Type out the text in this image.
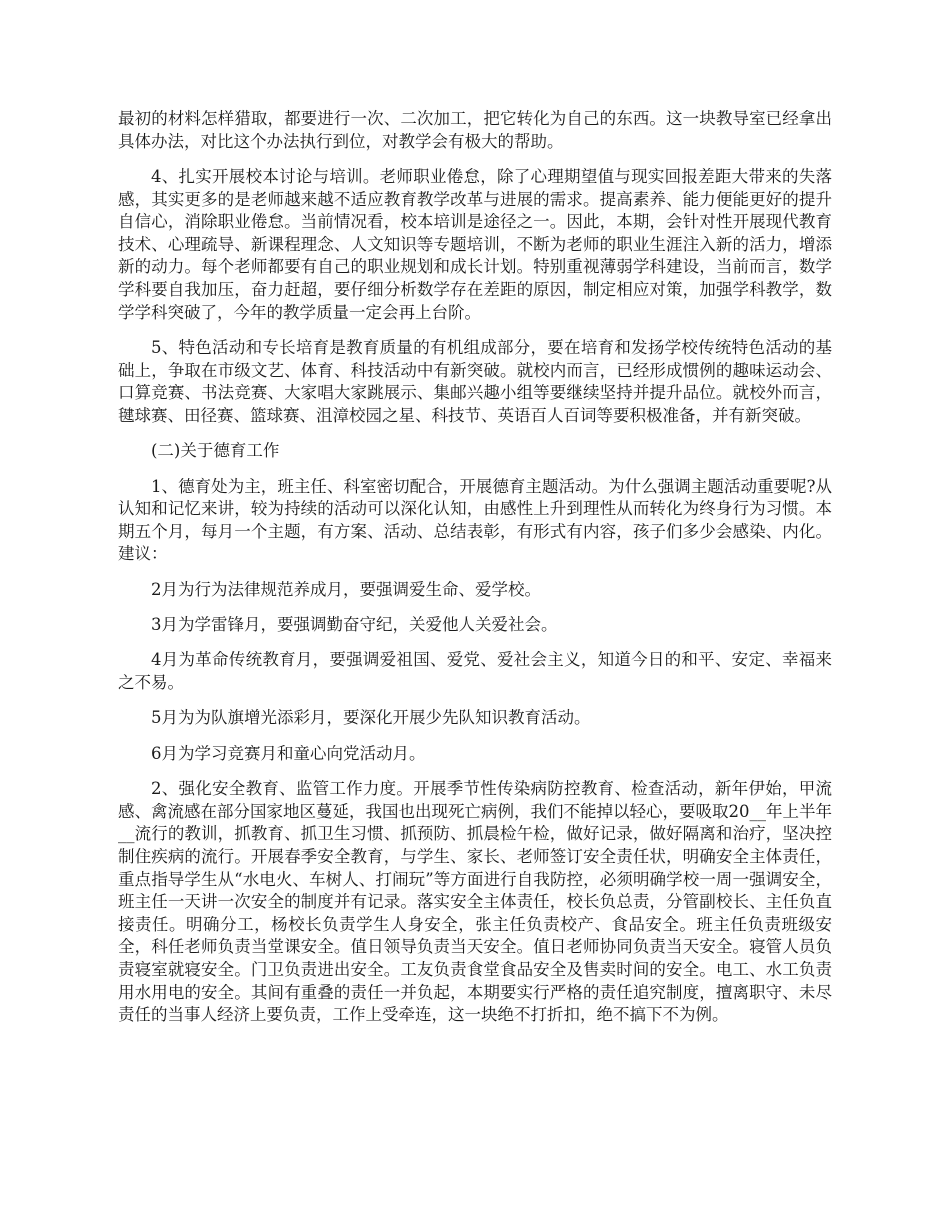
最初的材料怎样猎取，都要进行一次、二次加工，把它转化为自己的东西。这一块教导室已经拿出具体办法，对比这个办法执行到位，对教学会有极大的帮助。

4、扎实开展校本讨论与培训。老师职业倦怠，除了心理期望值与现实回报差距大带来的失落感，其实更多的是老师越来越不适应教育教学改革与进展的需求。提高素养、能力便能更好的提升自信心，消除职业倦怠。当前情况看，校本培训是途径之一。因此，本期，会针对性开展现代教育技术、心理疏导、新课程理念、人文知识等专题培训，不断为老师的职业生涯注入新的活力，增添新的动力。每个老师都要有自己的职业规划和成长计划。特别重视薄弱学科建设，当前而言，数学学科要自我加压，奋力赶超，要仔细分析数学存在差距的原因，制定相应对策，加强学科教学，数学学科突破了，今年的教学质量一定会再上台阶。

5、特色活动和专长培育是教育质量的有机组成部分，要在培育和发扬学校传统特色活动的基础上，争取在市级文艺、体育、科技活动中有新突破。就校内而言，已经形成惯例的趣味运动会、口算竞赛、书法竞赛、大家唱大家跳展示、集邮兴趣小组等要继续坚持并提升品位。就校外而言，毽球赛、田径赛、篮球赛、沮漳校园之星、科技节、英语百人百词等要积极准备，并有新突破。

(二)关于德育工作

1、德育处为主，班主任、科室密切配合，开展德育主题活动。为什么强调主题活动重要呢?从认知和记忆来讲，较为持续的活动可以深化认知，由感性上升到理性从而转化为终身行为习惯。本期五个月，每月一个主题，有方案、活动、总结表彰，有形式有内容，孩子们多少会感染、内化。建议：

2月为行为法律规范养成月，要强调爱生命、爱学校。

3月为学雷锋月，要强调勤奋守纪，关爱他人关爱社会。

4月为革命传统教育月，要强调爱祖国、爱党、爱社会主义，知道今日的和平、安定、幸福来之不易。

5月为为队旗增光添彩月，要深化开展少先队知识教育活动。

6月为学习竞赛月和童心向党活动月。

2、强化安全教育、监管工作力度。开展季节性传染病防控教育、检查活动，新年伊始，甲流感、禽流感在部分国家地区蔓延，我国也出现死亡病例，我们不能掉以轻心，要吸取20__年上半年__流行的教训，抓教育、抓卫生习惯、抓预防、抓晨检午检，做好记录，做好隔离和治疗，坚决控制住疾病的流行。开展春季安全教育，与学生、家长、老师签订安全责任状，明确安全主体责任，重点指导学生从“水电火、车树人、打闹玩”等方面进行自我防控，必须明确学校一周一强调安全，班主任一天讲一次安全的制度并有记录。落实安全主体责任，校长负总责，分管副校长、主任负直接责任。明确分工，杨校长负责学生人身安全，张主任负责校产、食品安全。班主任负责班级安全，科任老师负责当堂课安全。值日领导负责当天安全。值日老师协同负责当天安全。寝管人员负责寝室就寝安全。门卫负责进出安全。工友负责食堂食品安全及售卖时间的安全。电工、水工负责用水用电的安全。其间有重叠的责任一并负起，本期要实行严格的责任追究制度，擅离职守、未尽责任的当事人经济上要负责，工作上受牵连，这一块绝不打折扣，绝不搞下不为例。
